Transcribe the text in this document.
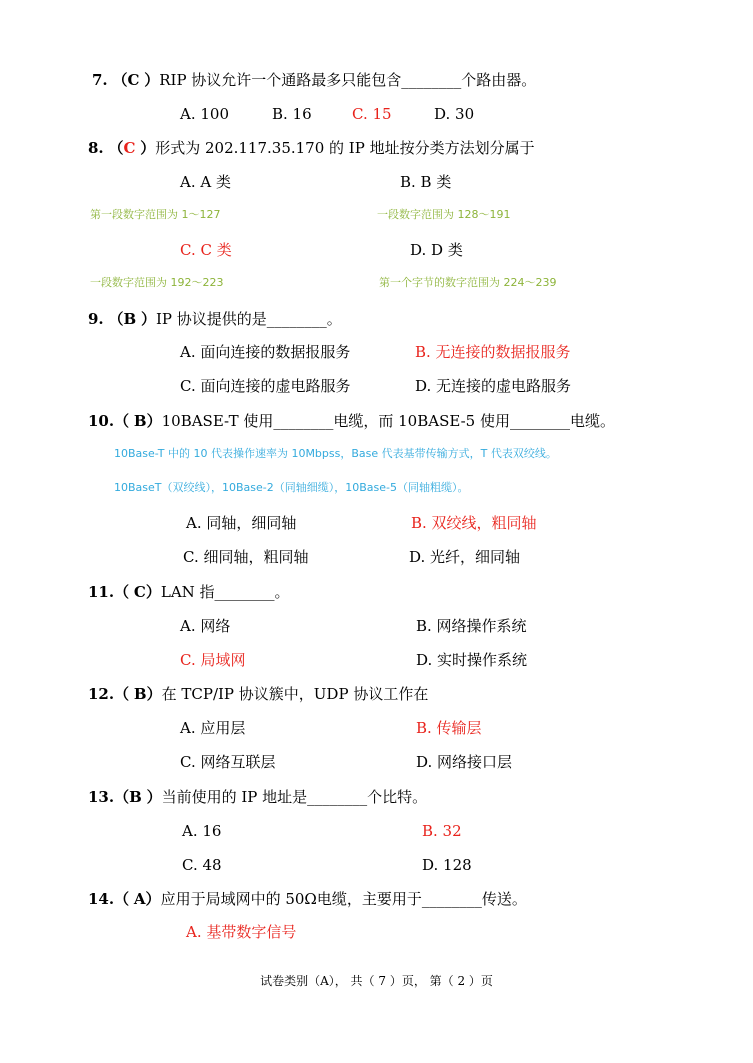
7. （C ）RIP 协议允许一个通路最多只能包含________个路由器。
A. 100	B. 16	C. 15	D. 30
8. （C ）形式为 202.117.35.170 的 IP 地址按分类方法划分属于
A. A 类	B. B 类
第一段数字范围为 1～127	一段数字范围为 128～191
C. C 类	D. D 类
一段数字范围为 192～223	第一个字节的数字范围为 224～239
9. （B ）IP 协议提供的是________。
A. 面向连接的数据报服务	B. 无连接的数据报服务
C. 面向连接的虚电路服务	D. 无连接的虚电路服务
10.（ B）10BASE-T 使用________电缆，而 10BASE-5 使用________电缆。
10Base-T 中的 10 代表操作速率为 10Mbpss，Base 代表基带传输方式，T 代表双绞线。
10BaseT（双绞线），10Base-2（同轴细缆），10Base-5（同轴粗缆）。
A. 同轴，细同轴	B. 双绞线，粗同轴
C. 细同轴，粗同轴	D. 光纤，细同轴
11.（ C）LAN 指________。
A. 网络	B. 网络操作系统
C. 局域网	D. 实时操作系统
12.（ B）在 TCP/IP 协议簇中，UDP 协议工作在
A. 应用层	B. 传输层
C. 网络互联层	D. 网络接口层
13.（B ）当前使用的 IP 地址是________个比特。
A. 16	B. 32
C. 48	D. 128
14.（ A）应用于局域网中的 50Ω电缆，主要用于________传送。
A. 基带数字信号
试卷类别（A）， 共（ 7 ）页， 第（ 2 ）页
